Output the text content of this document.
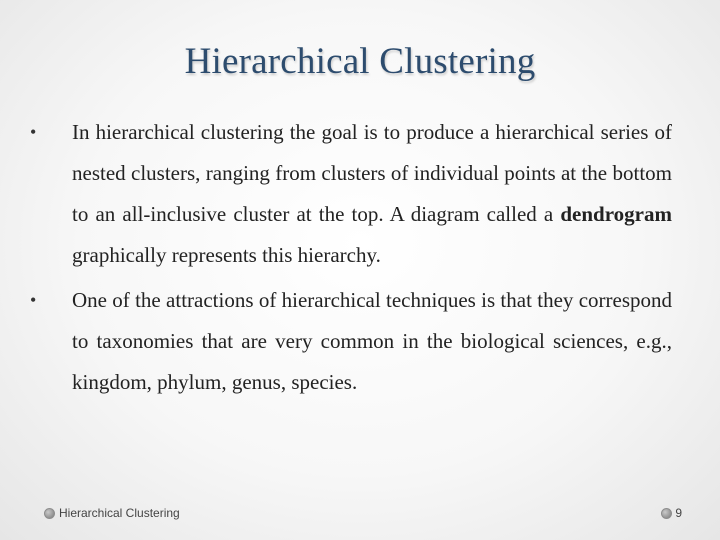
Hierarchical Clustering
•	In hierarchical clustering the goal is to produce a hierarchical series of nested clusters, ranging from clusters of individual points at the bottom to an all-inclusive cluster at the top. A diagram called a dendrogram graphically represents this hierarchy.
•	One of the attractions of hierarchical techniques is that they correspond to taxonomies that are very common in the biological sciences, e.g., kingdom, phylum, genus, species.
Hierarchical Clustering	9
